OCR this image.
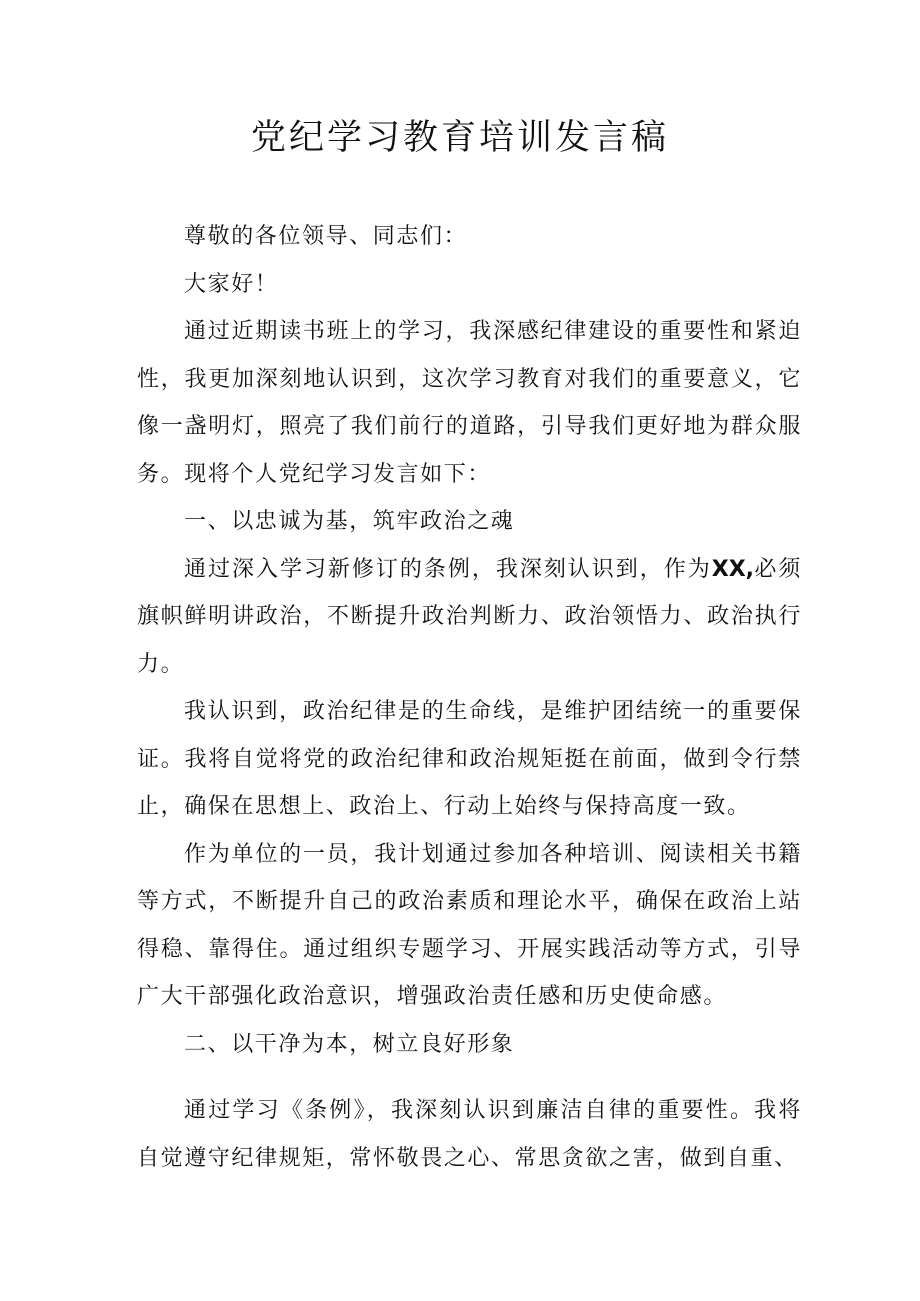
党纪学习教育培训发言稿

尊敬的各位领导、同志们：

大家好！

通过近期读书班上的学习，我深感纪律建设的重要性和紧迫性，我更加深刻地认识到，这次学习教育对我们的重要意义，它像一盏明灯，照亮了我们前行的道路，引导我们更好地为群众服务。现将个人党纪学习发言如下：

一、以忠诚为基，筑牢政治之魂

通过深入学习新修订的条例，我深刻认识到，作为XX,必须旗帜鲜明讲政治，不断提升政治判断力、政治领悟力、政治执行力。

我认识到，政治纪律是的生命线，是维护团结统一的重要保证。我将自觉将党的政治纪律和政治规矩挺在前面，做到令行禁止，确保在思想上、政治上、行动上始终与保持高度一致。

作为单位的一员，我计划通过参加各种培训、阅读相关书籍等方式，不断提升自己的政治素质和理论水平，确保在政治上站得稳、靠得住。通过组织专题学习、开展实践活动等方式，引导广大干部强化政治意识，增强政治责任感和历史使命感。

二、以干净为本，树立良好形象

通过学习《条例》，我深刻认识到廉洁自律的重要性。我将自觉遵守纪律规矩，常怀敬畏之心、常思贪欲之害，做到自重、
